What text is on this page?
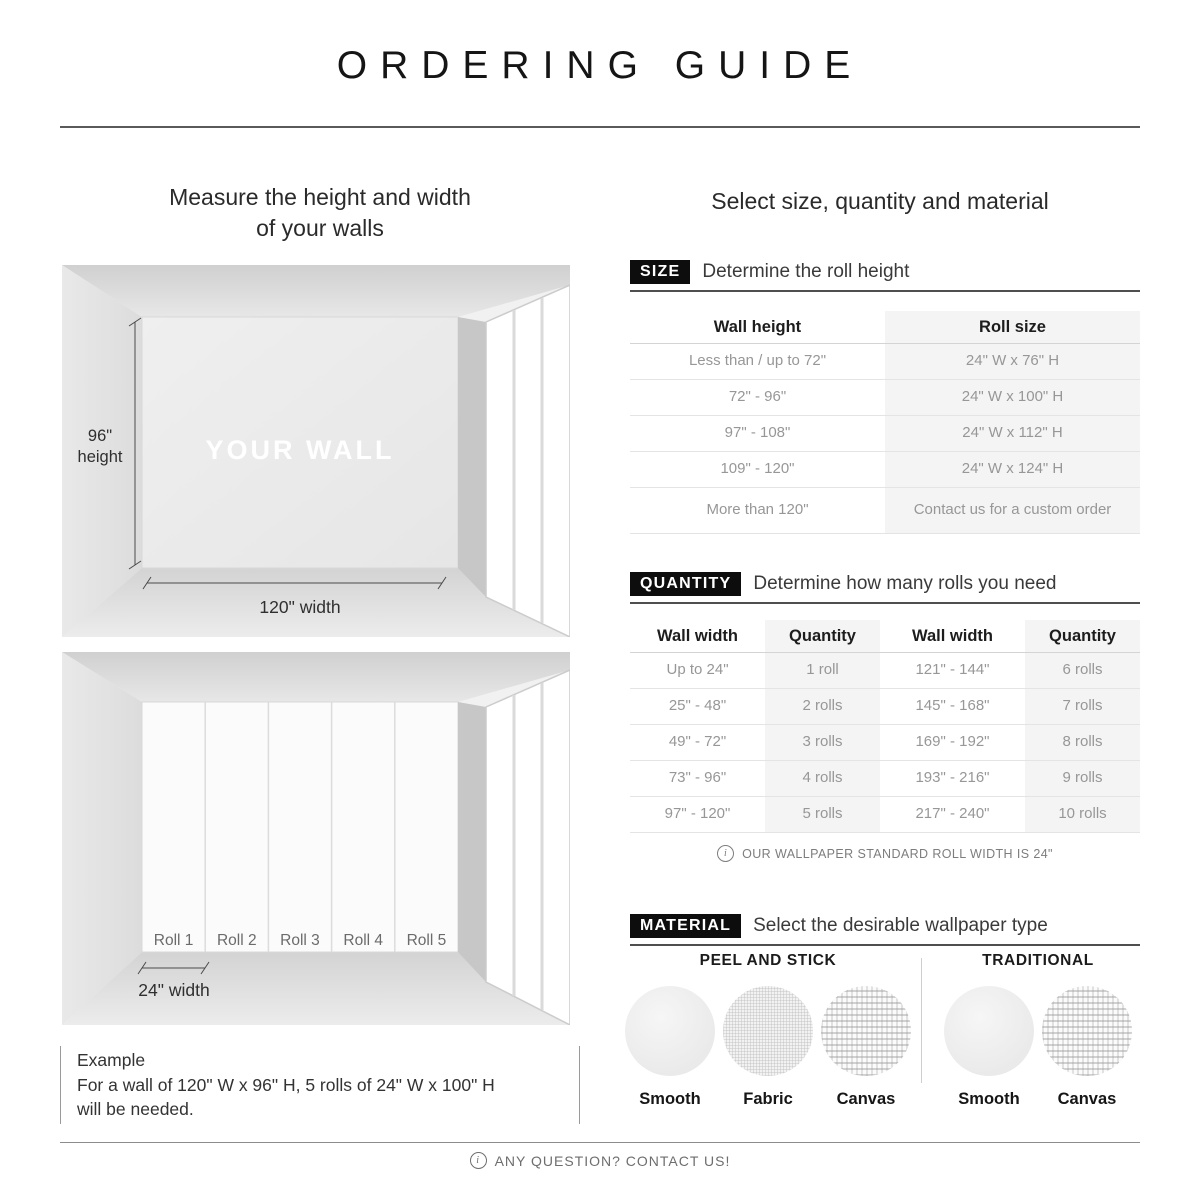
ORDERING GUIDE
Measure the height and width
of your walls
96"
height	YOUR WALL
120" width
Roll 1 Roll 2 Roll 3 Roll 4 Roll 5
24" width
Example
For a wall of 120" W x 96" H, 5 rolls of 24" W x 100" H
will be needed.
Select size, quantity and material
SIZE	Determine the roll height
Wall height	Roll size
Less than / up to 72"	24" W x 76" H
72" - 96"	24" W x 100" H
97" - 108"	24" W x 112" H
109" - 120"	24" W x 124" H
More than 120"	Contact us for a custom order
QUANTITY	Determine how many rolls you need
Wall width	Quantity	Wall width	Quantity
Up to 24"	1 roll	121" - 144"	6 rolls
25" - 48"	2 rolls	145" - 168"	7 rolls
49" - 72"	3 rolls	169" - 192"	8 rolls
73" - 96"	4 rolls	193" - 216"	9 rolls
97" - 120"	5 rolls	217" - 240"	10 rolls
i
OUR WALLPAPER STANDARD ROLL WIDTH IS 24"
MATERIAL	Select the desirable wallpaper type
PEEL AND STICK
Smooth	Fabric	Canvas
TRADITIONAL
Smooth Canvas
i
ANY QUESTION? CONTACT US!
